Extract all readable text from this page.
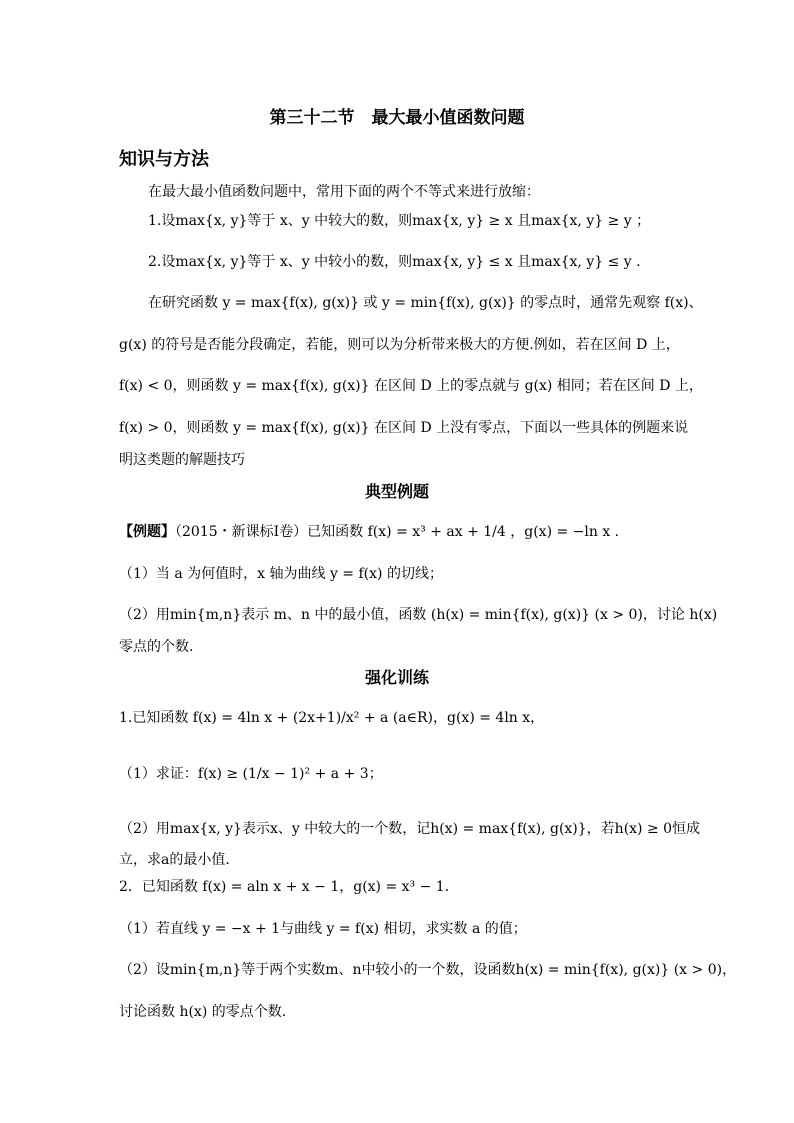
第三十二节　最大最小值函数问题
知识与方法
在最大最小值函数问题中，常用下面的两个不等式来进行放缩：
1.设max{x, y}等于 x、y 中较大的数，则max{x, y} ≥ x 且max{x, y} ≥ y ；
2.设max{x, y}等于 x、y 中较小的数，则max{x, y} ≤ x 且max{x, y} ≤ y .
在研究函数 y = max{f(x), g(x)} 或 y = min{f(x), g(x)} 的零点时，通常先观察 f(x)、
g(x) 的符号是否能分段确定，若能，则可以为分析带来极大的方便.例如，若在区间 D 上，
f(x) < 0，则函数 y = max{f(x), g(x)} 在区间 D 上的零点就与 g(x) 相同；若在区间 D 上，
f(x) > 0，则函数 y = max{f(x), g(x)} 在区间 D 上没有零点，下面以一些具体的例题来说
明这类题的解题技巧
典型例题
【例题】（2015・新课标Ⅰ卷）已知函数 f(x) = x³ + ax + 1/4 ，g(x) = −ln x .
（1）当 a 为何值时，x 轴为曲线 y = f(x) 的切线；
（2）用min{m,n}表示 m、n 中的最小值，函数 (h(x) = min{f(x), g(x)} (x > 0)，讨论 h(x)
零点的个数.
强化训练
1.已知函数 f(x) = 4ln x + (2x+1)/x² + a (a∈R)，g(x) = 4ln x，
（1）求证：f(x) ≥ (1/x − 1)² + a + 3；
（2）用max{x, y}表示x、y 中较大的一个数，记h(x) = max{f(x), g(x)}，若h(x) ≥ 0恒成
立，求a的最小值.
2．已知函数 f(x) = aln x + x − 1，g(x) = x³ − 1.
（1）若直线 y = −x + 1与曲线 y = f(x) 相切，求实数 a 的值；
（2）设min{m,n}等于两个实数m、n中较小的一个数，设函数h(x) = min{f(x), g(x)} (x > 0)，
讨论函数 h(x) 的零点个数.
